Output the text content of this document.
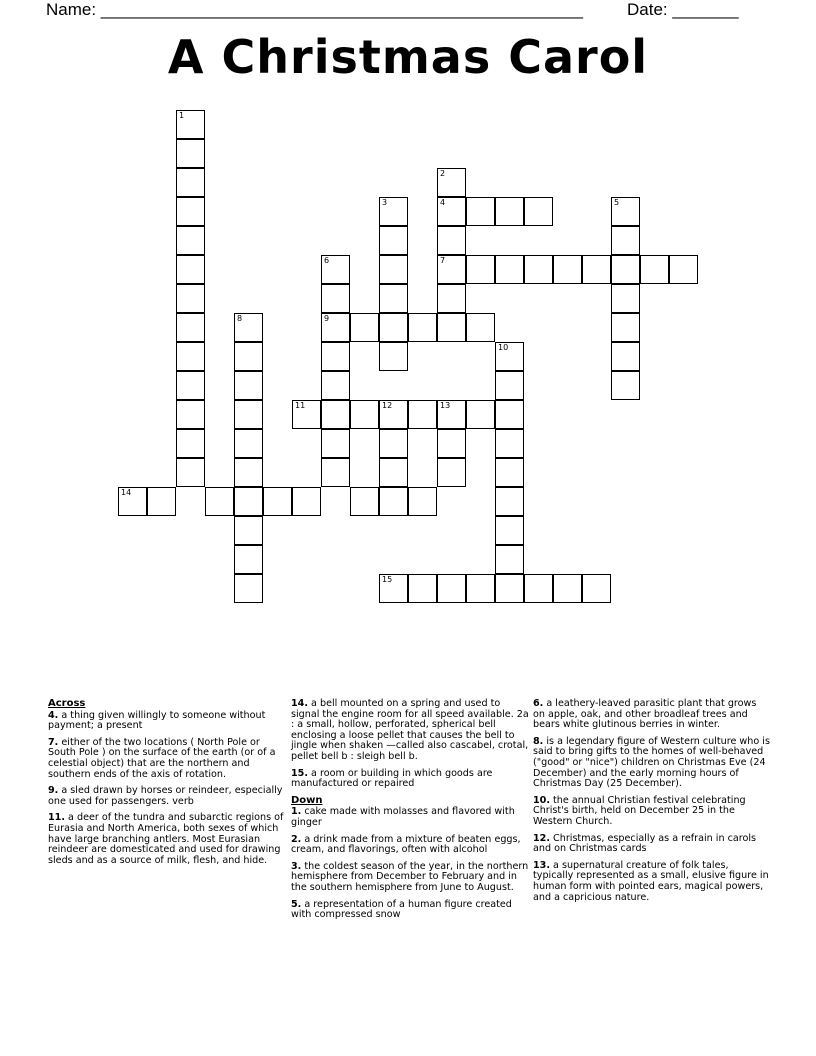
Name: ___________________________________________________	Date: _______
A Christmas Carol
1
2
4
7
3	5
6
9
8
10
11	12	13
14
15
Across
4. a thing given willingly to someone without payment; a present
7. either of the two locations ( North Pole or South Pole ) on the surface of the earth (or of a celestial object) that are the northern and southern ends of the axis of rotation.
9. a sled drawn by horses or reindeer, especially one used for passengers. verb
11. a deer of the tundra and subarctic regions of Eurasia and North America, both sexes of which have large branching antlers. Most Eurasian reindeer are domesticated and used for drawing sleds and as a source of milk, flesh, and hide.
14. a bell mounted on a spring and used to signal the engine room for all speed available. 2a : a small, hollow, perforated, spherical bell enclosing a loose pellet that causes the bell to jingle when shaken —called also cascabel, crotal, pellet bell b : sleigh bell b.
15. a room or building in which goods are manufactured or repaired
Down
1. cake made with molasses and flavored with ginger
2. a drink made from a mixture of beaten eggs, cream, and flavorings, often with alcohol
3. the coldest season of the year, in the northern hemisphere from December to February and in the southern hemisphere from June to August.
5. a representation of a human figure created with compressed snow
6. a leathery-leaved parasitic plant that grows on apple, oak, and other broadleaf trees and bears white glutinous berries in winter.
8. is a legendary figure of Western culture who is said to bring gifts to the homes of well-behaved ("good" or "nice") children on Christmas Eve (24 December) and the early morning hours of Christmas Day (25 December).
10. the annual Christian festival celebrating Christ's birth, held on December 25 in the Western Church.
12. Christmas, especially as a refrain in carols and on Christmas cards
13. a supernatural creature of folk tales, typically represented as a small, elusive figure in human form with pointed ears, magical powers, and a capricious nature.
